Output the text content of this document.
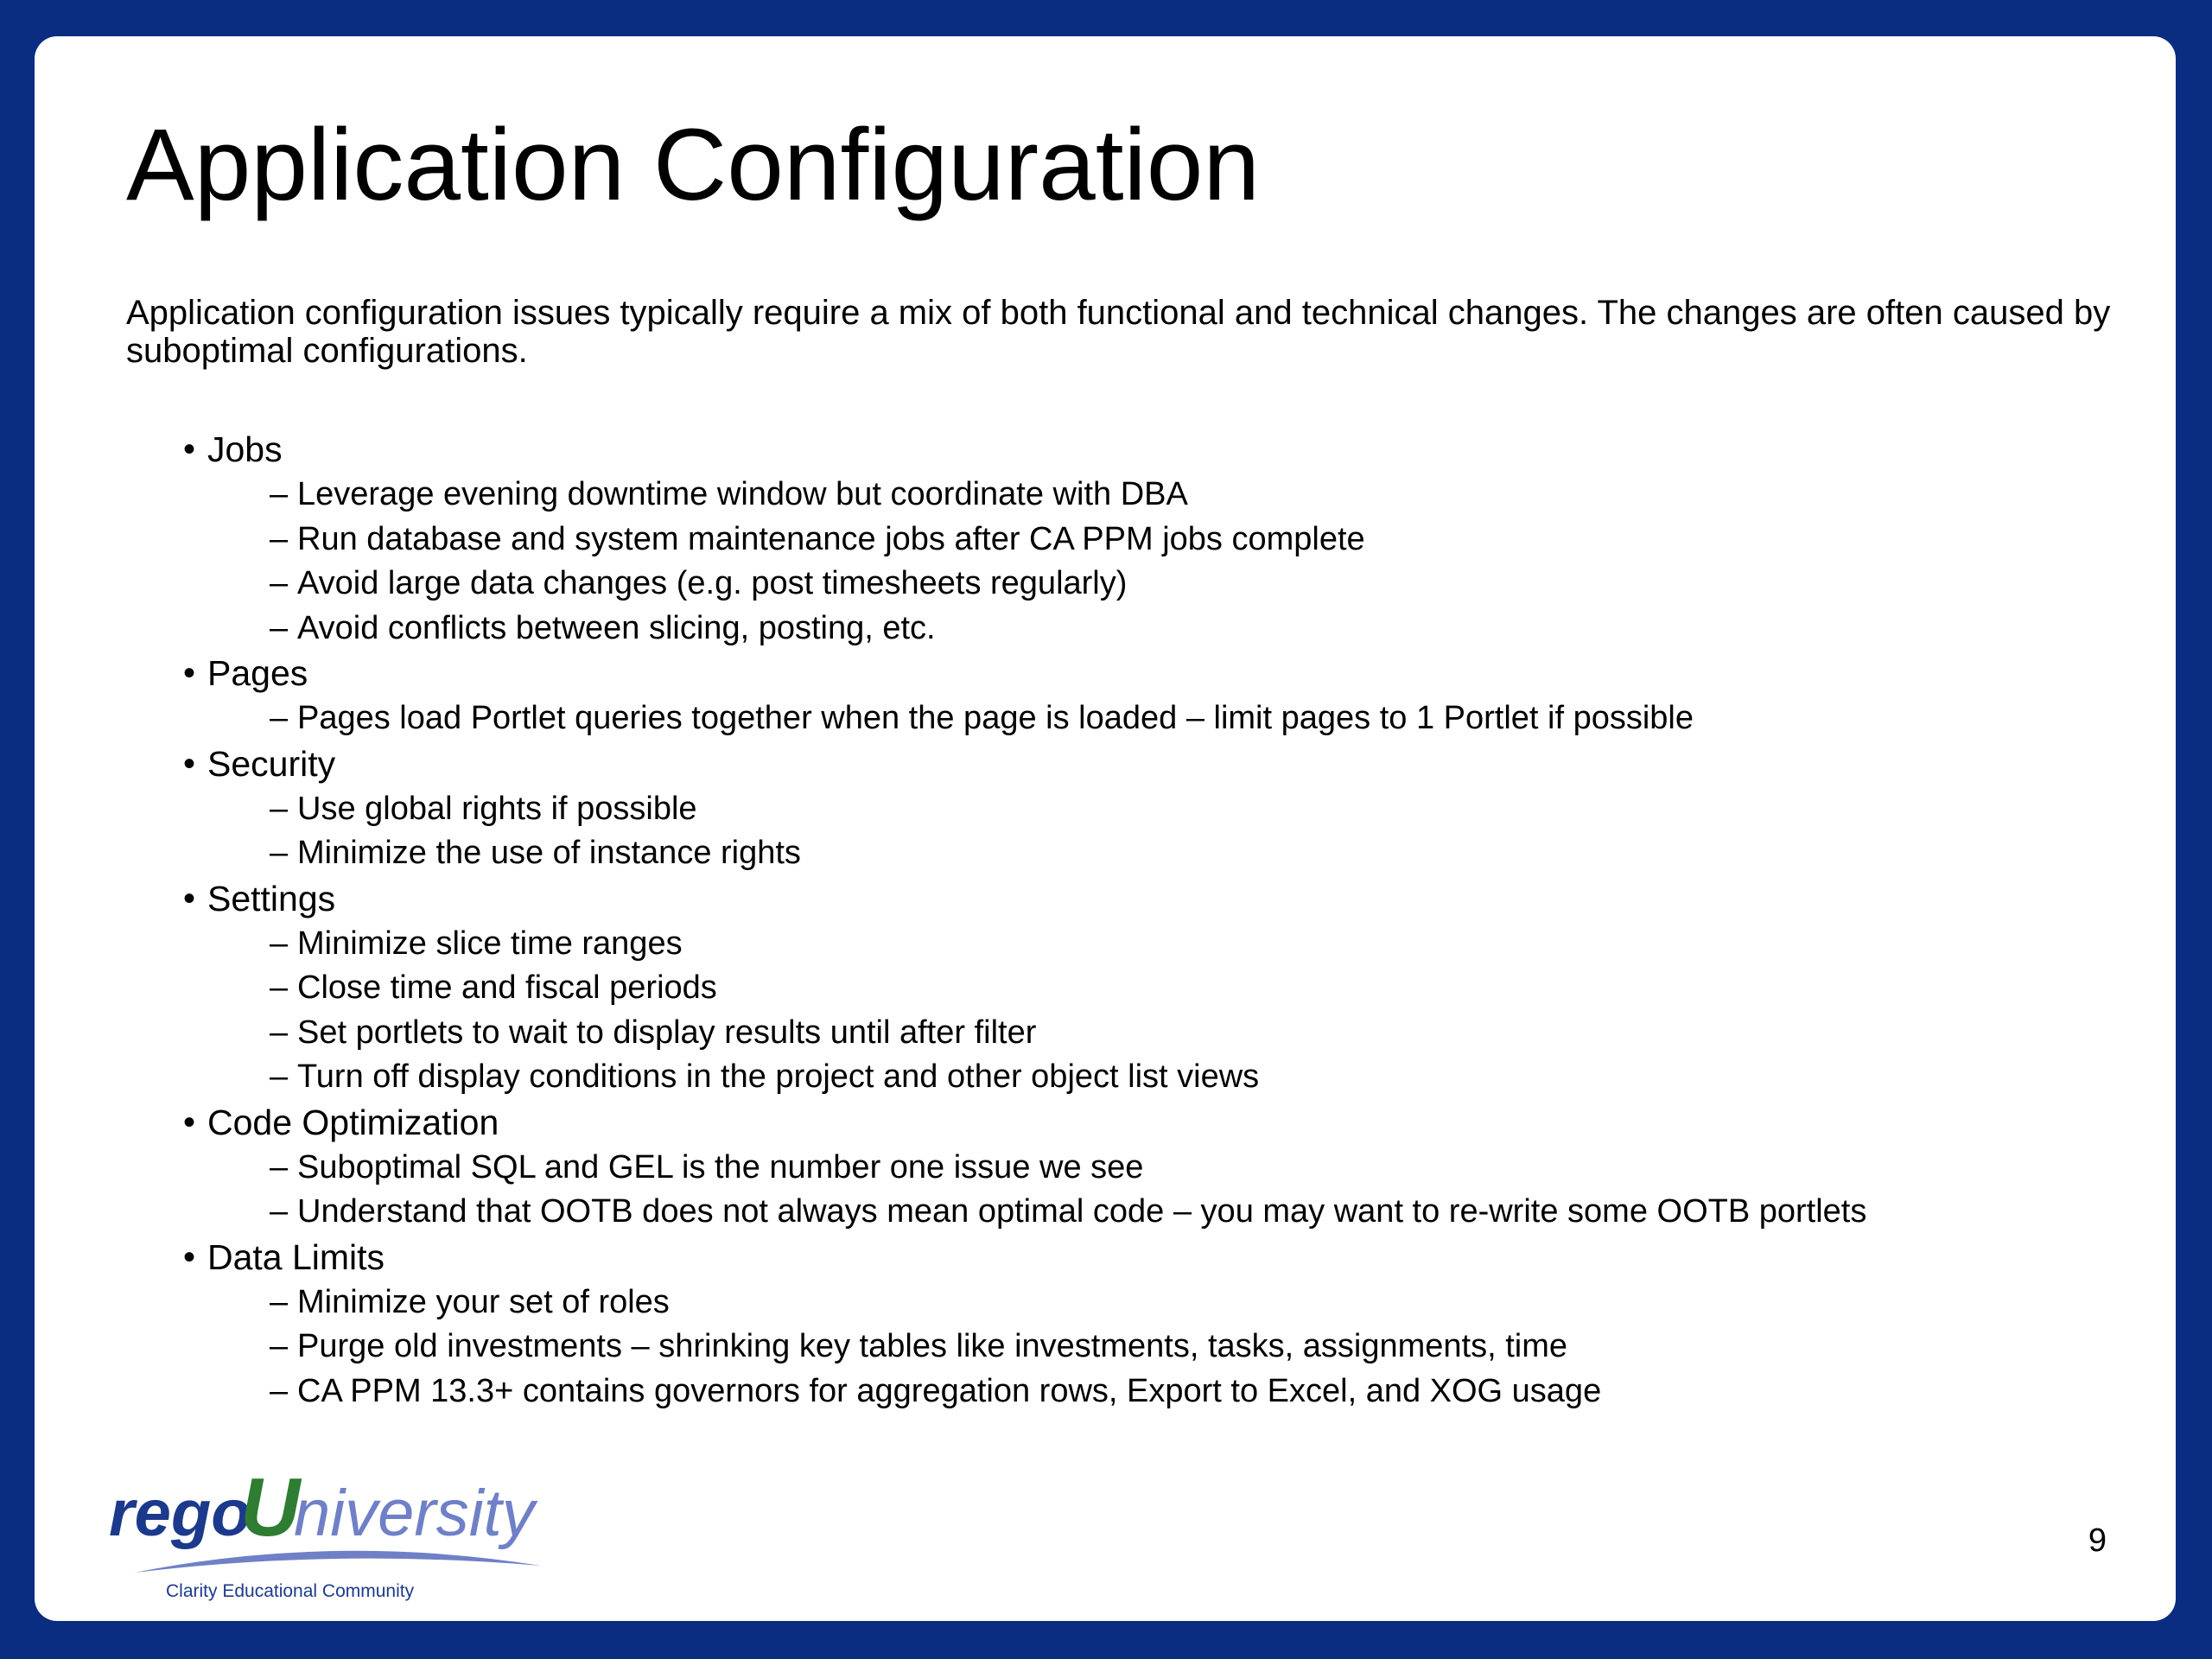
Application Configuration

Application configuration issues typically require a mix of both functional and technical changes. The changes are often caused by suboptimal configurations.

• Jobs
– Leverage evening downtime window but coordinate with DBA
– Run database and system maintenance jobs after CA PPM jobs complete
– Avoid large data changes (e.g. post timesheets regularly)
– Avoid conflicts between slicing, posting, etc.
• Pages
– Pages load Portlet queries together when the page is loaded – limit pages to 1 Portlet if possible
• Security
– Use global rights if possible
– Minimize the use of instance rights
• Settings
– Minimize slice time ranges
– Close time and fiscal periods
– Set portlets to wait to display results until after filter
– Turn off display conditions in the project and other object list views
• Code Optimization
– Suboptimal SQL and GEL is the number one issue we see
– Understand that OOTB does not always mean optimal code – you may want to re-write some OOTB portlets
• Data Limits
– Minimize your set of roles
– Purge old investments – shrinking key tables like investments, tasks, assignments, time
– CA PPM 13.3+ contains governors for aggregation rows, Export to Excel, and XOG usage
rego
U
niversity
Clarity Educational Community
9
